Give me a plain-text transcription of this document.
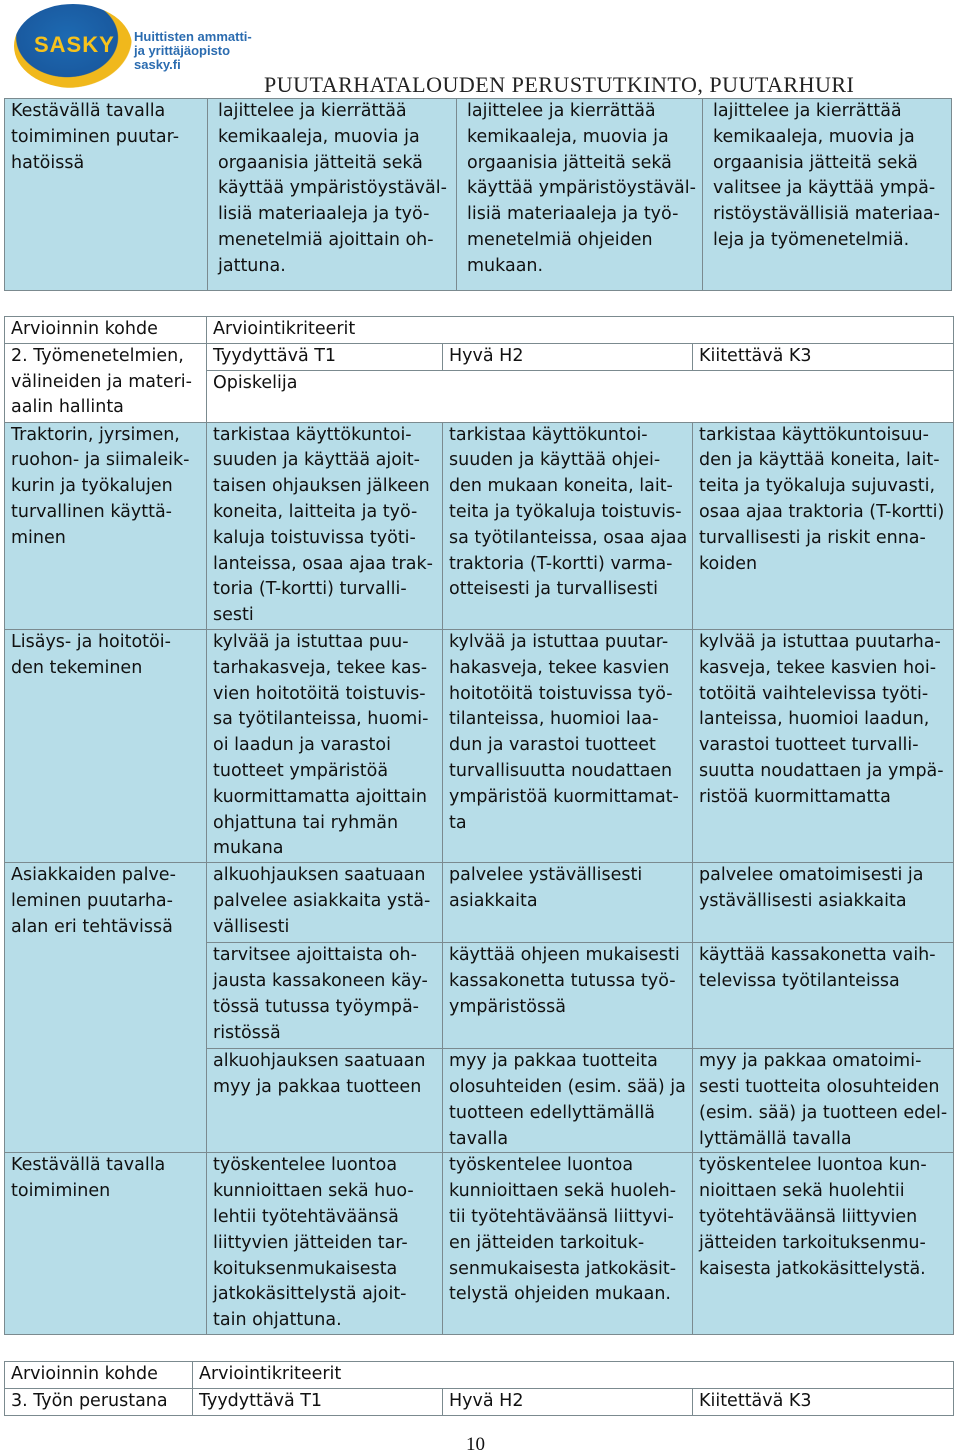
SASKY Huittisten ammatti-
ja yrittäjäopisto
sasky.fi
PUUTARHATALOUDEN PERUSTUTKINTO, PUUTARHURI
Kestävällä tavalla toimiminen puutar-hatöissä	lajittelee ja kierrättää kemikaaleja, muovia ja orgaanisia jätteitä sekä käyttää ympäristöystäväl-lisiä materiaaleja ja työ-menetelmiä ajoittain oh-jattuna.	lajittelee ja kierrättää kemikaaleja, muovia ja orgaanisia jätteitä sekä käyttää ympäristöystäväl-lisiä materiaaleja ja työ-menetelmiä ohjeiden mukaan.	lajittelee ja kierrättää kemikaaleja, muovia ja orgaanisia jätteitä sekä valitsee ja käyttää ympä-ristöystävällisiä materiaa-leja ja työmenetelmiä.
Arvioinnin kohde	Arviointikriteerit		
2. Työmenetelmien, välineiden ja materi-aalin hallinta	Tyydyttävä T1	Hyvä H2	Kiitettävä K3
	Opiskelija		
Traktorin, jyrsimen, ruohon- ja siimaleik-kurin ja työkalujen turvallinen käyttä-minen	tarkistaa käyttökuntoi-suuden ja käyttää ajoit-taisen ohjauksen jälkeen koneita, laitteita ja työ-kaluja toistuvissa työti-lanteissa, osaa ajaa trak-toria (T-kortti) turvalli-sesti	tarkistaa käyttökuntoi-suuden ja käyttää ohjei-den mukaan koneita, lait-teita ja työkaluja toistuvis-sa työtilanteissa, osaa ajaa traktoria (T-kortti) varma-otteisesti ja turvallisesti	tarkistaa käyttökuntoisuu-den ja käyttää koneita, lait-teita ja työkaluja sujuvasti, osaa ajaa traktoria (T-kortti) turvallisesti ja riskit enna-koiden
Lisäys- ja hoitotöi-den tekeminen	kylvää ja istuttaa puu-tarhakasveja, tekee kas-vien hoitotöitä toistuvis-sa työtilanteissa, huomi-oi laadun ja varastoi tuotteet ympäristöä kuormittamatta ajoittain ohjattuna tai ryhmän mukana	kylvää ja istuttaa puutar-hakasveja, tekee kasvien hoitotöitä toistuvissa työ-tilanteissa, huomioi laa-dun ja varastoi tuotteet turvallisuutta noudattaen ympäristöä kuormittamat-ta	kylvää ja istuttaa puutarha-kasveja, tekee kasvien hoi-totöitä vaihtelevissa työti-lanteissa, huomioi laadun, varastoi tuotteet turvalli-suutta noudattaen ja ympä-ristöä kuormittamatta
Asiakkaiden palve-leminen puutarha-alan eri tehtävissä	alkuohjauksen saatuaan palvelee asiakkaita ystä-vällisesti	palvelee ystävällisesti asiakkaita	palvelee omatoimisesti ja ystävällisesti asiakkaita
	tarvitsee ajoittaista oh-jausta kassakoneen käy-tössä tutussa työympä-ristössä	käyttää ohjeen mukaisesti kassakonetta tutussa työ-ympäristössä	käyttää kassakonetta vaih-televissa työtilanteissa
	alkuohjauksen saatuaan myy ja pakkaa tuotteen	myy ja pakkaa tuotteita olosuhteiden (esim. sää) ja tuotteen edellyttämällä tavalla	myy ja pakkaa omatoimi-sesti tuotteita olosuhteiden (esim. sää) ja tuotteen edel-lyttämällä tavalla
Kestävällä tavalla toimiminen	työskentelee luontoa kunnioittaen sekä huo-lehtii työtehtäväänsä liittyvien jätteiden tar-koituksenmukaisesta jatkokäsittelystä ajoit-tain ohjattuna.	työskentelee luontoa kunnioittaen sekä huoleh-tii työtehtäväänsä liittyvi-en jätteiden tarkoituk-senmukaisesta jatkokäsit-telystä ohjeiden mukaan.	työskentelee luontoa kun-nioittaen sekä huolehtii työtehtäväänsä liittyvien jätteiden tarkoituksenmu-kaisesta jatkokäsittelystä.
Arvioinnin kohde	Arviointikriteerit		
3. Työn perustana	Tyydyttävä T1	Hyvä H2	Kiitettävä K3
10
